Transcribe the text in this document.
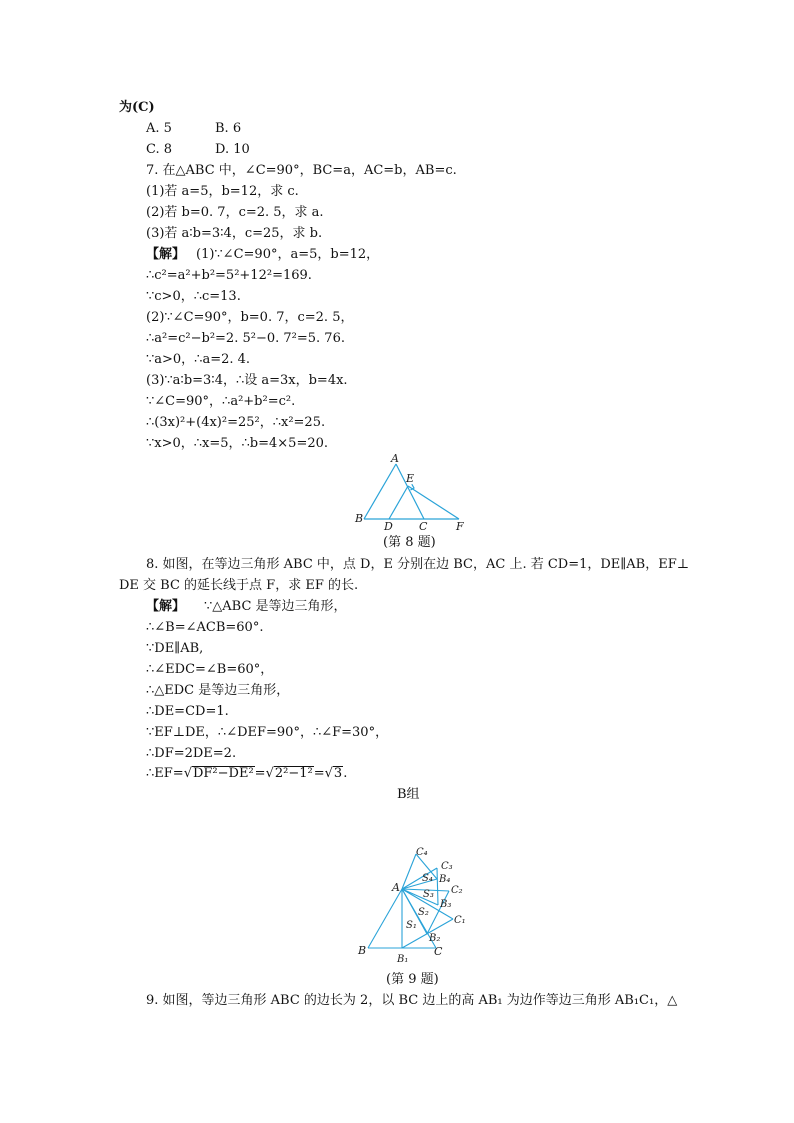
为(C)
A. 5	B. 6
C. 8	D. 10
7. 在△ABC 中，∠C=90°，BC=a，AC=b，AB=c.
(1)若 a=5，b=12，求 c.
(2)若 b=0. 7，c=2. 5，求 a.
(3)若 a∶b=3∶4，c=25，求 b.
【解】 (1)∵∠C=90°，a=5，b=12，
∴c²=a²+b²=5²+12²=169.
∵c>0，∴c=13.
(2)∵∠C=90°，b=0. 7，c=2. 5，
∴a²=c²−b²=2. 5²−0. 7²=5. 76.
∵a>0，∴a=2. 4.
(3)∵a∶b=3∶4，∴设 a=3x，b=4x.
∵∠C=90°，∴a²+b²=c².
∴(3x)²+(4x)²=25²，∴x²=25.
∵x>0，∴x=5，∴b=4×5=20.
A
E
B
D C	F
(第 8 题)
8. 如图，在等边三角形 ABC 中，点 D，E 分别在边 BC，AC 上. 若 CD=1，DE∥AB，EF⊥
DE 交 BC 的延长线于点 F，求 EF 的长.
【解】 ∵△ABC 是等边三角形，
∴∠B=∠ACB=60°.
∵DE∥AB,
∴∠EDC=∠B=60°，
∴△EDC 是等边三角形，
∴DE=CD=1.
∵EF⊥DE，∴∠DEF=90°，∴∠F=30°，
∴DF=2DE=2.
∴EF=√DF²−DE²=√2²−1²=√3.
B组
C₄
C₃
S₄ B₄
A	C₂
S₃
B₃
S₂
C₁
S₁
B₂
B	C
B₁
(第 9 题)
9. 如图，等边三角形 ABC 的边长为 2，以 BC 边上的高 AB₁ 为边作等边三角形 AB₁C₁，△
